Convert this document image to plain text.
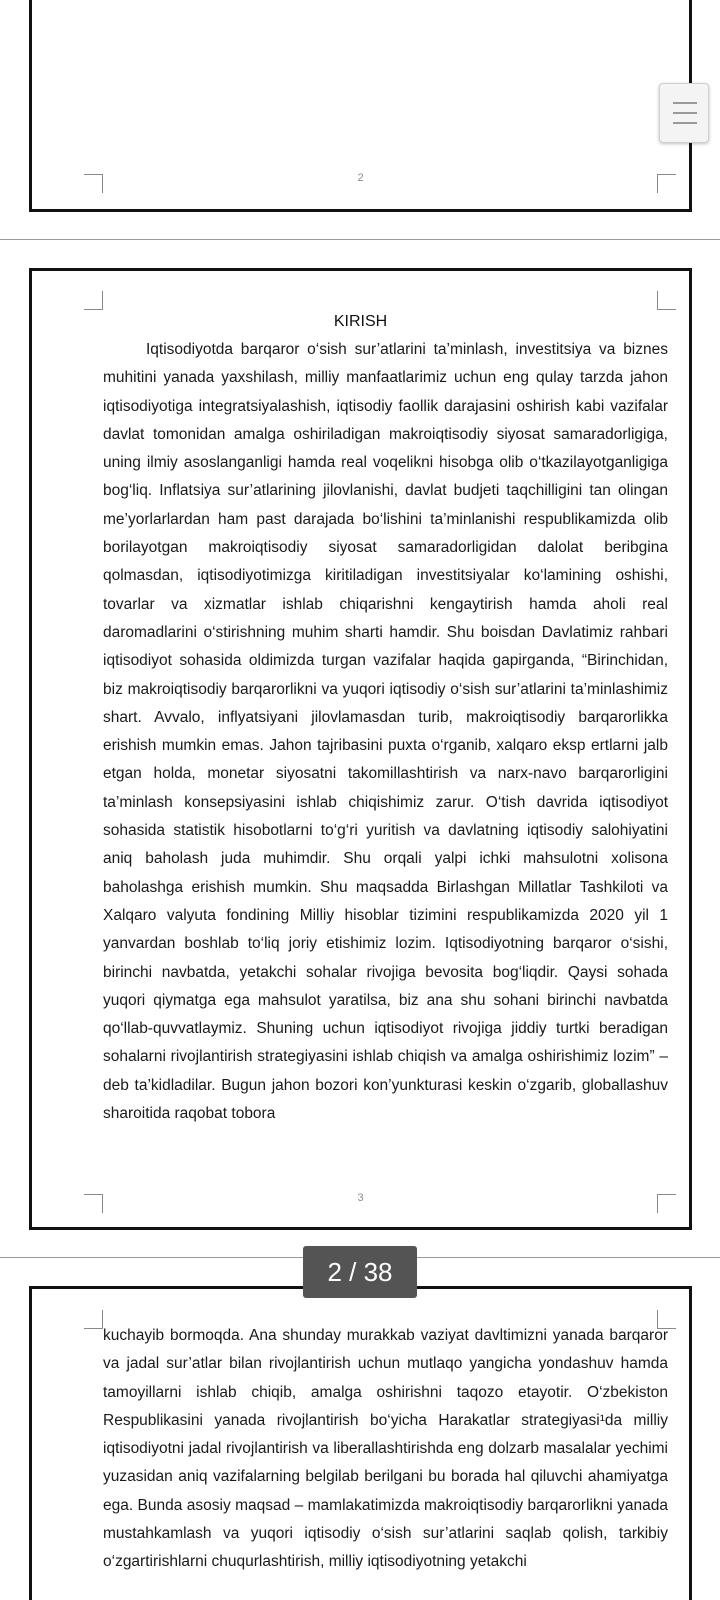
2
KIRISH

Iqtisodiyotda barqaror o‘sish sur’atlarini ta’minlash, investitsiya va biznes muhitini yanada yaxshilash, milliy manfaatlarimiz uchun eng qulay tarzda jahon iqtisodiyotiga integratsiyalashish, iqtisodiy faollik darajasini oshirish kabi vazifalar davlat tomonidan amalga oshiriladigan makroiqtisodiy siyosat samaradorligiga, uning ilmiy asoslanganligi hamda real voqelikni hisobga olib o‘tkazilayotganligiga bog‘liq. Inflatsiya sur’atlarining jilovlanishi, davlat budjeti taqchilligini tan olingan me’yorlarlardan ham past darajada bo‘lishini ta’minlanishi respublikamizda olib borilayotgan makroiqtisodiy siyosat samaradorligidan dalolat beribgina qolmasdan, iqtisodiyotimizga kiritiladigan investitsiyalar ko‘lamining oshishi, tovarlar va xizmatlar ishlab chiqarishni kengaytirish hamda aholi real daromadlarini o‘stirishning muhim sharti hamdir. Shu boisdan Davlatimiz rahbari iqtisodiyot sohasida oldimizda turgan vazifalar haqida gapirganda, “Birinchidan, biz makroiqtisodiy barqarorlikni va yuqori iqtisodiy o‘sish sur’atlarini ta’minlashimiz shart. Avvalo, inflyatsiyani jilovlamasdan turib, makroiqtisodiy barqarorlikka erishish mumkin emas. Jahon tajribasini puxta o‘rganib, xalqaro eksp ertlarni jalb etgan holda, monetar siyosatni takomillashtirish va narx-navo barqarorligini ta’minlash konsepsiyasini ishlab chiqishimiz zarur. O‘tish davrida iqtisodiyot sohasida statistik hisobotlarni to‘g‘ri yuritish va davlatning iqtisodiy salohiyatini aniq baholash juda muhimdir. Shu orqali yalpi ichki mahsulotni xolisona baholashga erishish mumkin. Shu maqsadda Birlashgan Millatlar Tashkiloti va Xalqaro valyuta fondining Milliy hisoblar tizimini respublikamizda 2020 yil 1 yanvardan boshlab to‘liq joriy etishimiz lozim. Iqtisodiyotning barqaror o‘sishi, birinchi navbatda, yetakchi sohalar rivojiga bevosita bog‘liqdir. Qaysi sohada yuqori qiymatga ega mahsulot yaratilsa, biz ana shu sohani birinchi navbatda qo‘llab-quvvatlaymiz. Shuning uchun iqtisodiyot rivojiga jiddiy turtki beradigan sohalarni rivojlantirish strategiyasini ishlab chiqish va amalga oshirishimiz lozim” – deb ta’kidladilar. Bugun jahon bozori kon’yunkturasi keskin o‘zgarib, globallashuv sharoitida raqobat tobora

3

kuchayib bormoqda. Ana shunday murakkab vaziyat davltimizni yanada barqaror va jadal sur’atlar bilan rivojlantirish uchun mutlaqo yangicha yondashuv hamda tamoyillarni ishlab chiqib, amalga oshirishni taqozo etayotir. O‘zbekiston Respublikasini yanada rivojlantirish bo‘yicha Harakatlar strategiyasi¹da milliy iqtisodiyotni jadal rivojlantirish va liberallashtirishda eng dolzarb masalalar yechimi yuzasidan aniq vazifalarning belgilab berilgani bu borada hal qiluvchi ahamiyatga ega. Bunda asosiy maqsad – mamlakatimizda makroiqtisodiy barqarorlikni yanada mustahkamlash va yuqori iqtisodiy o‘sish sur’atlarini saqlab qolish, tarkibiy o‘zgartirishlarni chuqurlashtirish, milliy iqtisodiyotning yetakchi

2 / 38
